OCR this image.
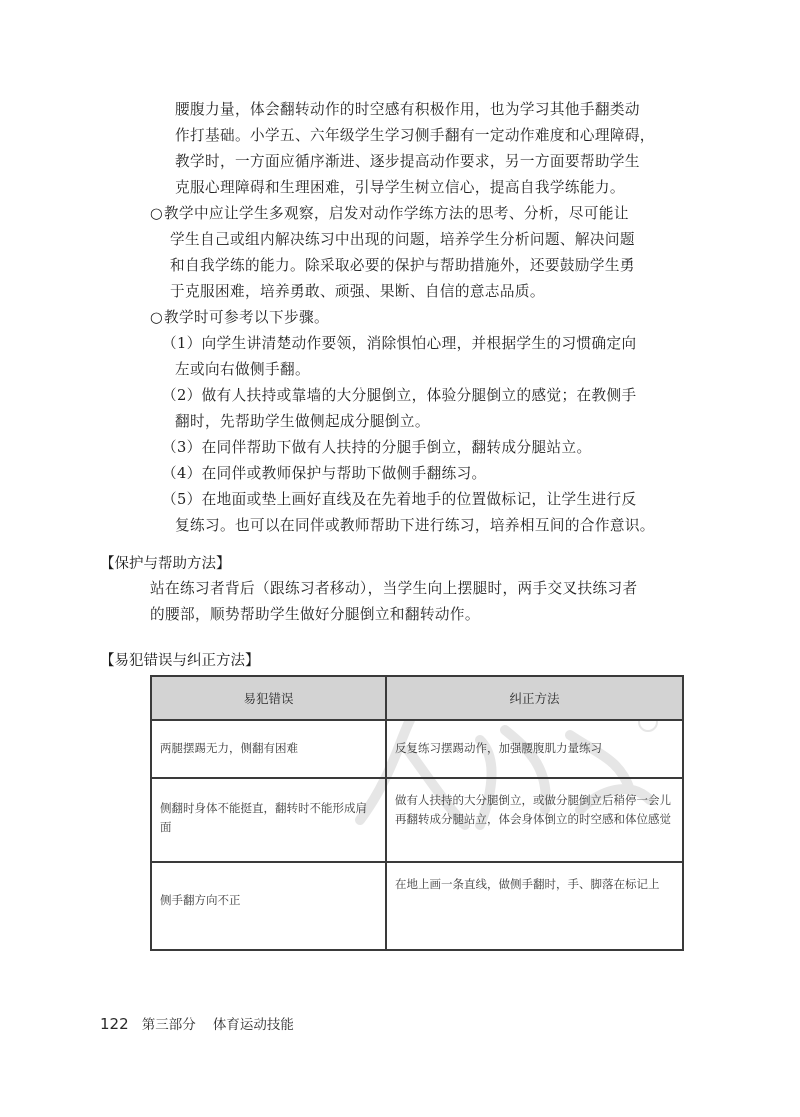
腰腹力量，体会翻转动作的时空感有积极作用，也为学习其他手翻类动

作打基础。小学五、六年级学生学习侧手翻有一定动作难度和心理障碍，

教学时，一方面应循序渐进、逐步提高动作要求，另一方面要帮助学生

克服心理障碍和生理困难，引导学生树立信心，提高自我学练能力。

○教学中应让学生多观察，启发对动作学练方法的思考、分析，尽可能让

学生自己或组内解决练习中出现的问题，培养学生分析问题、解决问题

和自我学练的能力。除采取必要的保护与帮助措施外，还要鼓励学生勇

于克服困难，培养勇敢、顽强、果断、自信的意志品质。

○教学时可参考以下步骤。

（1）向学生讲清楚动作要领，消除惧怕心理，并根据学生的习惯确定向

左或向右做侧手翻。

（2）做有人扶持或靠墙的大分腿倒立，体验分腿倒立的感觉；在教侧手

翻时，先帮助学生做侧起成分腿倒立。

（3）在同伴帮助下做有人扶持的分腿手倒立，翻转成分腿站立。

（4）在同伴或教师保护与帮助下做侧手翻练习。

（5）在地面或垫上画好直线及在先着地手的位置做标记，让学生进行反

复练习。也可以在同伴或教师帮助下进行练习，培养相互间的合作意识。

【保护与帮助方法】

站在练习者背后（跟练习者移动），当学生向上摆腿时，两手交叉扶练习者

的腰部，顺势帮助学生做好分腿倒立和翻转动作。

【易犯错误与纠正方法】

易犯错误	纠正方法
两腿摆踢无力，侧翻有困难	反复练习摆踢动作，加强腰腹肌力量练习
侧翻时身体不能挺直，翻转时不能形成肩面	做有人扶持的大分腿倒立，或做分腿倒立后稍停一会儿再翻转成分腿站立，体会身体倒立的时空感和体位感觉
侧手翻方向不正	在地上画一条直线，做侧手翻时，手、脚落在标记上
122 第三部分 体育运动技能
